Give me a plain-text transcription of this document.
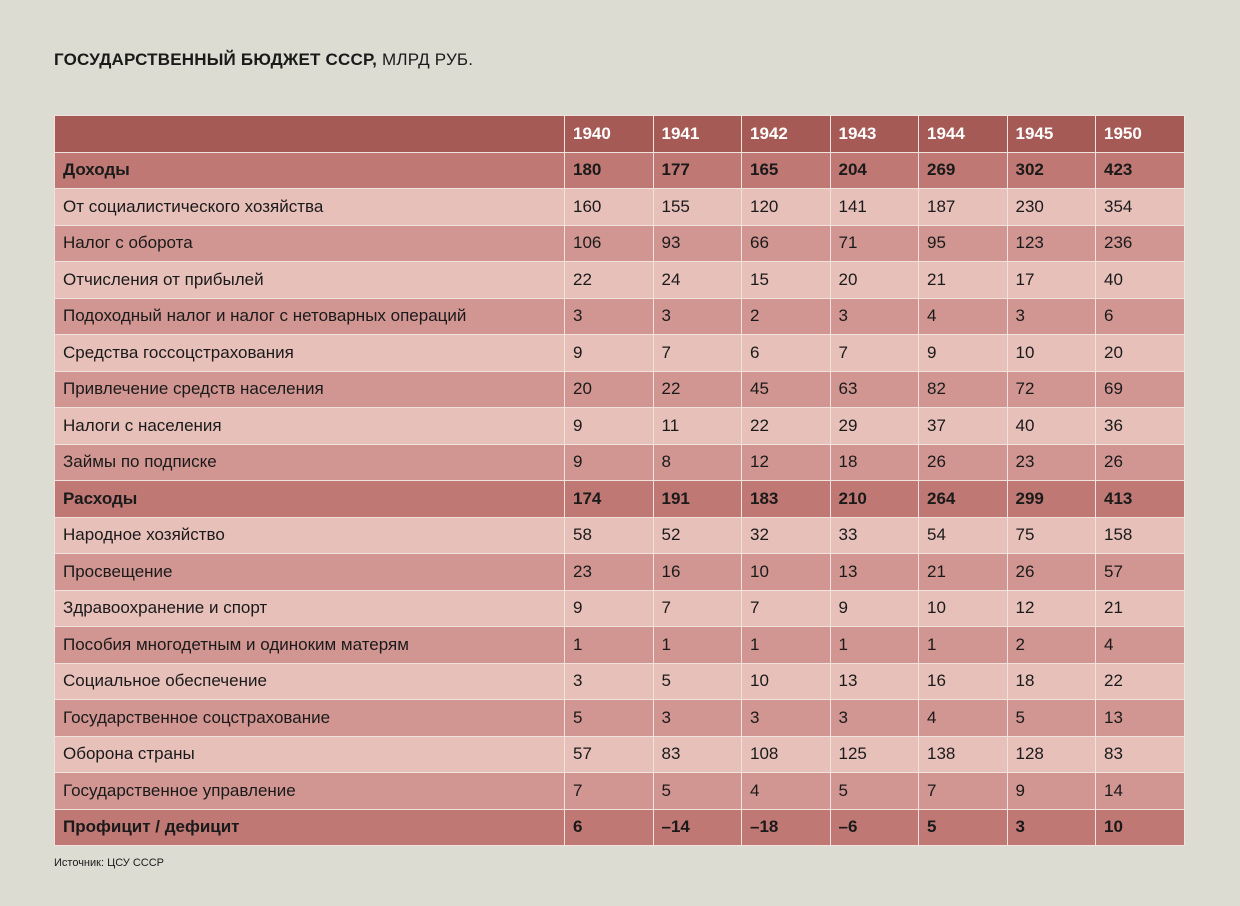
ГОСУДАРСТВЕННЫЙ БЮДЖЕТ СССР, МЛРД РУБ.
	1940	1941	1942	1943	1944	1945	1950
Доходы	180	177	165	204	269	302	423
От социалистического хозяйства	160	155	120	141	187	230	354
Налог с оборота	106	93	66	71	95	123	236
Отчисления от прибылей	22	24	15	20	21	17	40
Подоходный налог и налог с нетоварных операций	3	3	2	3	4	3	6
Средства госсоцстрахования	9	7	6	7	9	10	20
Привлечение средств населения	20	22	45	63	82	72	69
Налоги с населения	9	11	22	29	37	40	36
Займы по подписке	9	8	12	18	26	23	26
Расходы	174	191	183	210	264	299	413
Народное хозяйство	58	52	32	33	54	75	158
Просвещение	23	16	10	13	21	26	57
Здравоохранение и спорт	9	7	7	9	10	12	21
Пособия многодетным и одиноким матерям	1	1	1	1	1	2	4
Социальное обеспечение	3	5	10	13	16	18	22
Государственное соцстрахование	5	3	3	3	4	5	13
Оборона страны	57	83	108	125	138	128	83
Государственное управление	7	5	4	5	7	9	14
Профицит / дефицит	6	–14	–18	–6	5	3	10
Источник: ЦСУ СССР
